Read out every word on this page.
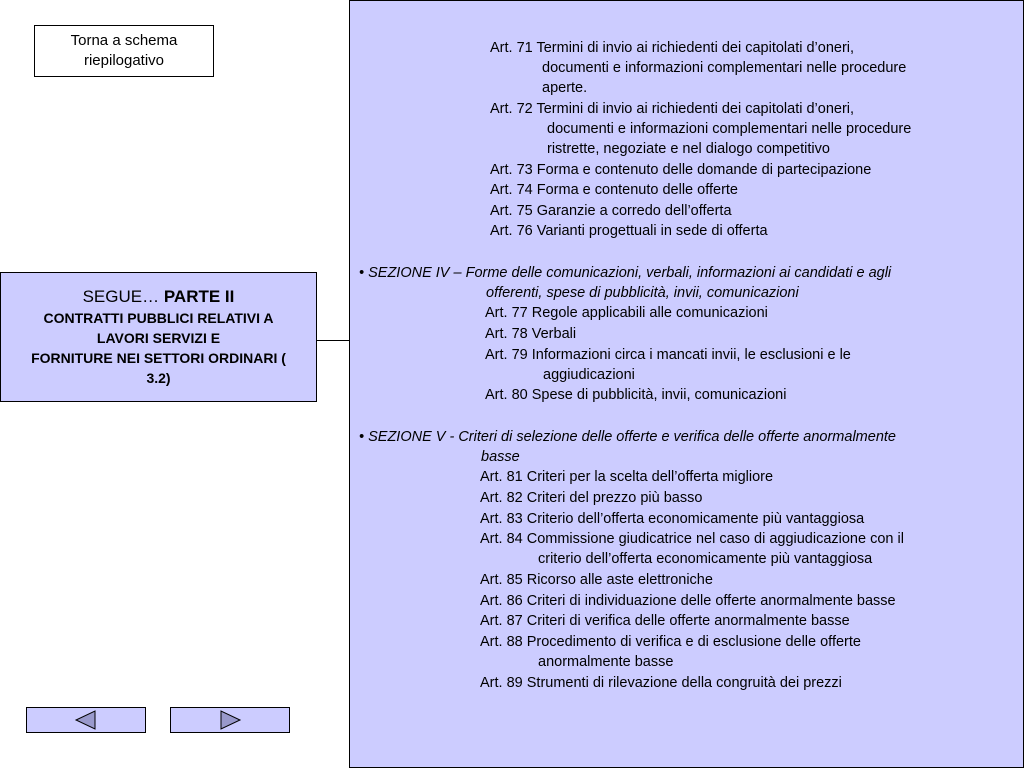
Torna a schema
riepilogativo
SEGUE… PARTE II
CONTRATTI PUBBLICI RELATIVI A LAVORI SERVIZI E
FORNITURE NEI SETTORI ORDINARI ( 3.2)
Art. 71 Termini di invio ai richiedenti dei capitolati d’oneri,
documenti e informazioni complementari nelle procedure
aperte.
Art. 72 Termini di invio ai richiedenti dei capitolati d’oneri,
documenti e informazioni complementari nelle procedure
ristrette, negoziate e nel dialogo competitivo
Art. 73 Forma e contenuto delle domande di partecipazione
Art. 74 Forma e contenuto delle offerte
Art. 75 Garanzie a corredo dell’offerta
Art. 76 Varianti progettuali in sede di offerta
• SEZIONE IV – Forme delle comunicazioni, verbali, informazioni ai candidati e agli
offerenti, spese di pubblicità, invii, comunicazioni
Art. 77 Regole applicabili alle comunicazioni
Art. 78 Verbali
Art. 79 Informazioni circa i mancati invii, le esclusioni e le
aggiudicazioni
Art. 80 Spese di pubblicità, invii, comunicazioni
• SEZIONE V - Criteri di selezione delle offerte e verifica delle offerte anormalmente
basse
Art. 81 Criteri per la scelta dell’offerta migliore
Art. 82 Criteri del prezzo più basso
Art. 83 Criterio dell’offerta economicamente più vantaggiosa
Art. 84 Commissione giudicatrice nel caso di aggiudicazione con il
criterio dell’offerta economicamente più vantaggiosa
Art. 85 Ricorso alle aste elettroniche
Art. 86 Criteri di individuazione delle offerte anormalmente basse
Art. 87 Criteri di verifica delle offerte anormalmente basse
Art. 88 Procedimento di verifica e di esclusione delle offerte
anormalmente basse
Art. 89 Strumenti di rilevazione della congruità dei prezzi
